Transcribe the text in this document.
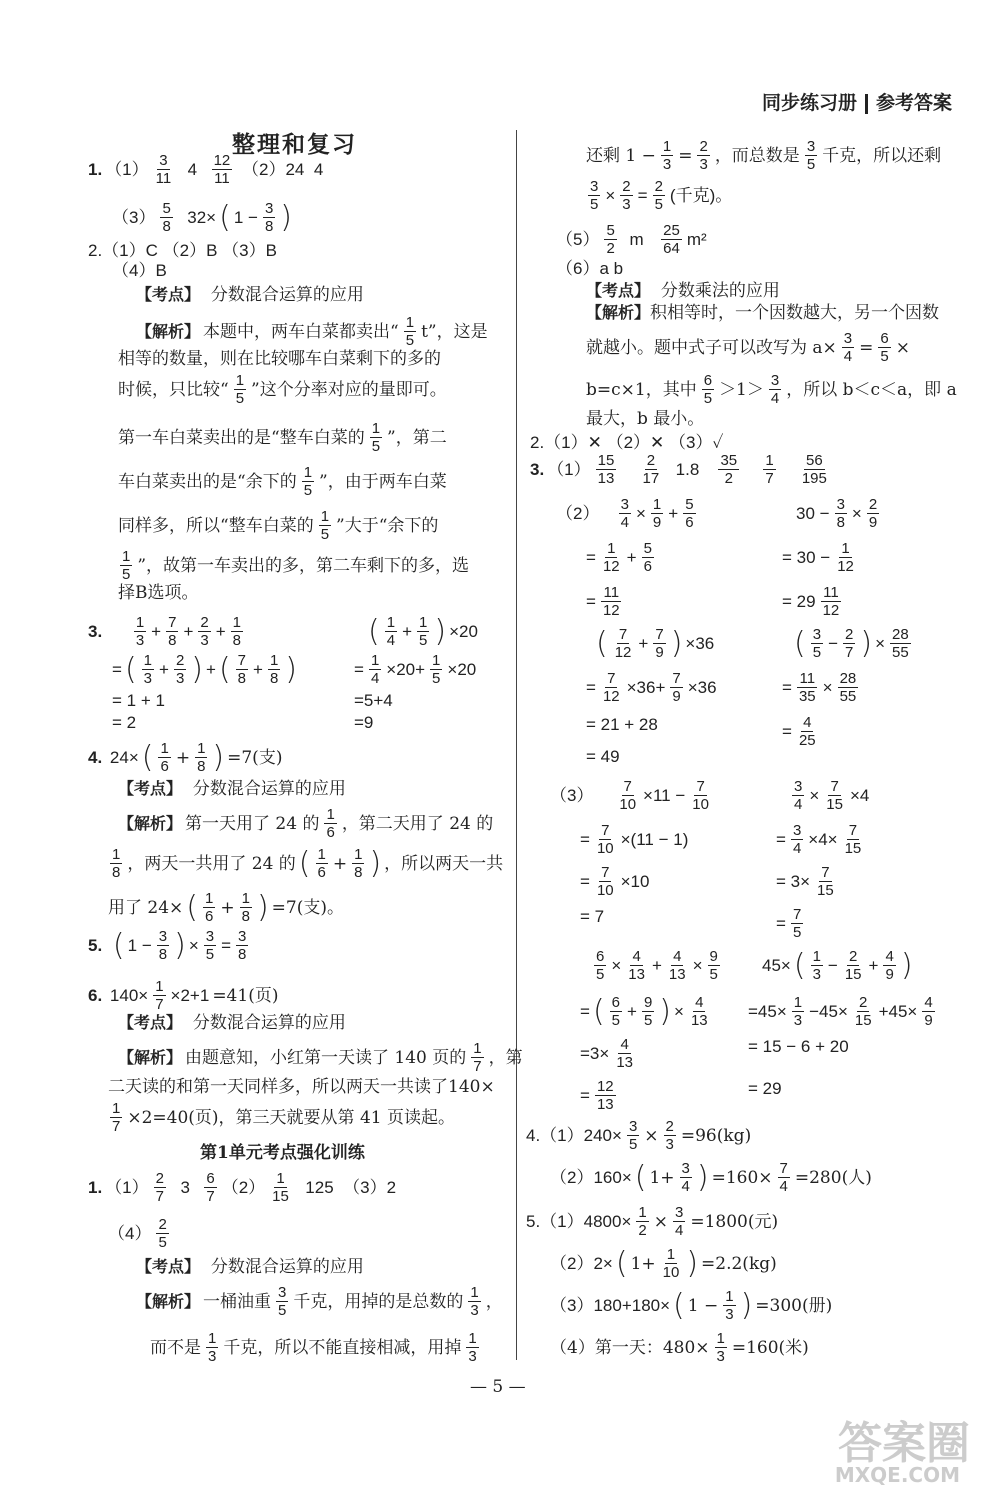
同步练习册 参考答案
整理和复习
1. （1） 3
11 4 12
11 （2）24  4
（3） 5
8 32× ( $1 - \frac{3}{8}$ )
2.（1）C （2）B （3）B
（4）B
【考点】 分数混合运算的应用
【解析】 本题中，两车白菜都卖出“ 1
5 t”，这是
相等的数量，则在比较哪车白菜剩下的多的
时候，只比较“ 1
5 ”这个分率对应的量即可。
第一车白菜卖出的是“整车白菜的 1
5 ”，第二
车白菜卖出的是“余下的 1
5 ”，由于两车白菜
同样多，所以“整车白菜的 1
5 ”大于“余下的
1
5 ”，故第一车卖出的多，第二车剩下的多，选
择B选项。
3.
1
3 + 7
8 + 2
3 + 1
8
= ( 1
3 + 2
3 ) + ( 7
8 + 1
8 )
= 1 + 1
= 2
( 1
4 + 1
5 ) ×20
= 1
4 ×20+ 1
5 ×20
=5+4
=9
4. 24× ( 1
6 + 1
8 ) =7(支)
【考点】 分数混合运算的应用
【解析】 第一天用了 24 的 1
6 ，第二天用了 24 的
1
8 ，两天一共用了 24 的 ( 1
6 + 1
8 ) ，所以两天一共
用了 24× ( 1
6 + 1
8 ) =7(支)。
5.
( 1 − 3
8 ) × 3
5 = 3
8
6. $140\times \frac{1}{7} \times 2+1 =41$(页)
【考点】 分数混合运算的应用
【解析】 由题意知，小红第一天读了 140 页的 1
7 ，第
二天读的和第一天同样多，所以两天一共读了140×
$\frac{1}{7} \times 2=40$(页)，第三天就要从第 41 页读起。
第1单元考点强化训练
1. （1） 2
7 3 6
7 （2） 1
15 125  （3）2
（4） 2
5
【考点】 分数混合运算的应用
【解析】 一桶油重 3
5 千克，用掉的是总数的 1
3 ，
而不是 1
3 千克，所以不能直接相减，用掉 1
3
还剩 $1 - \frac{1}{3} = \frac{2}{3}$ ，而总数是 3
5 千克，所以还剩
3
5 × 2
3 = 2
5 (千克)。
（5） 5
2
m
25
64 m²
（6）a b
【考点】 分数乘法的应用
【解析】积相等时，一个因数越大，另一个因数
就越小。题中式子可以改写为 $a\times \frac{3}{4} = 6$
5 ×
b=c×1，其中 6
5 ＞1＞ 3
4 ，所以 b＜c＜a，即 a
最大，b 最小。
2.（1）✕ （2）✕ （3）✓
3. （1） 15
13

2
17 1.8 35
2

1
7

56
195
（2） 3
4 × 1
9 + 5
6
= 1
12 + 5
6
= 11
12
30 − 3
8 × 2
9
= 30 − 1
12
= 29 11
12
( 7
12 + 7
9 ) ×36
= 7
12 ×36+ 7
9 ×36
= 21 + 28
= 49
( 3
5 − 2
7 ) × 28
55
= 11
35 × 28
55
= 4
25
（3） 7
10 ×11 − 7
10
= 7
10 ×(11 − 1)
= 7
10 ×10
= 7
3
4 × 7
15 ×4
= 3
4 ×4× 7
15
= 3× 7
15
= 7
5
6
5 × 4
13 + 4
13 × 9
5
= ( 6
5 + 9
5 ) × 4
13
=3× 4
13
= 12
13
45× ( 1
3 − 2
15 + 4
9 )
=45× 1
3 −45× 2
15 +45× 4
9
= 15 − 6 + 20
= 29
$4.(1)240\times \frac{3}{5} \times \frac{2}{3} =96(kg)$
（2）160× ( 1+ 3
4 ) $=160\times \frac{7}{4} =280$(人)
$5.(1)4800\times \frac{1}{2} \times \frac{3}{4} =1800$(元)
（2）2× ( 1+ 1
10 ) =2.2(kg)
（3）180+180× ( 1 − 1
3 ) =300(册)
（4）第一天：$480\times \frac{1}{3} =160$(米)
— 5 —
答案圈
MXQE.COM
